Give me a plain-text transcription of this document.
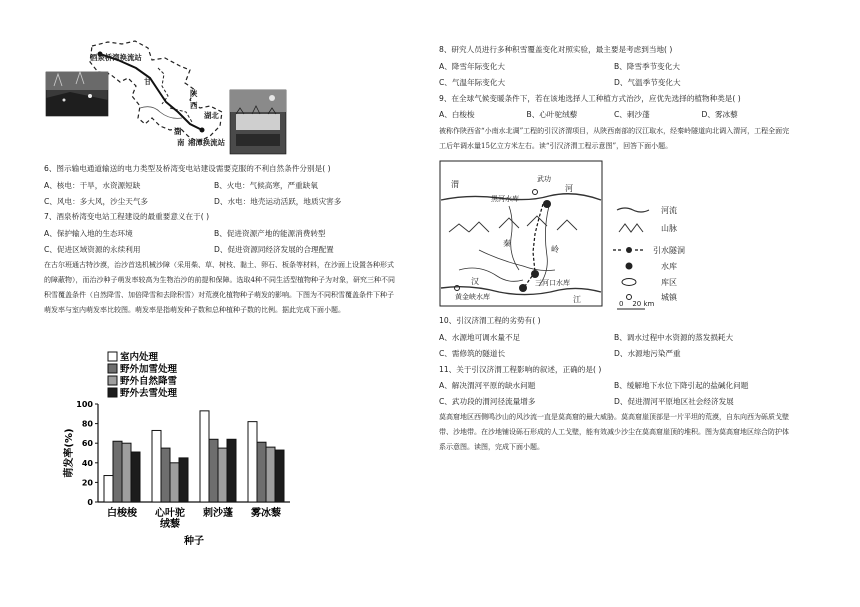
酒泉桥湾换流站
甘
陕
西
湖北
湖
南 湘潭换流站
6、图示输电通道输送的电力类型及桥湾变电站建设需要克服的不利自然条件分别是( )
A、核电：干旱，水资源短缺	B、火电：气候高寒，严重缺氧
C、风电：多大风，沙尘天气多	D、水电：地壳运动活跃，地质灾害多
7、酒泉桥湾变电站工程建设的最重要意义在于( )
A、保护输入地的生态环境	B、促进资源产地的能源消费转型
C、促进区域资源的永续利用	D、促进资源同经济发展的合理配置
在古尔班通古特沙漠，治沙首选机械沙障（采用柴、草、树枝、黏土、卵石、板条等材料，在沙面上设置各种形式的障蔽物），而治沙种子萌发率较高为生物治沙的前提和保障。选取4种不同生活型植物种子为对象，研究三种不同积雪覆盖条件（自然降雪、加倍降雪和去除积雪）对荒漠化植物种子萌发的影响。下图为不同积雪覆盖条件下种子萌发率与室内萌发率比较图。萌发率是指萌发种子数和总种植种子数的比例。据此完成下面小题。
0
20
40
60
80
100
萌发率(%)
白梭梭 心叶驼
绒藜
刺沙蓬 雾冰藜
种子
室内处理
野外加雪处理
野外自然降雪
野外去雪处理
8、研究人员进行多种积雪覆盖变化对照实验，最主要是考虑到当地( )
A、降雪年际变化大	B、降雪季节变化大
C、气温年际变化大	D、气温季节变化大
9、在全球气候变暖条件下，若在该地选择人工种植方式治沙，应优先选择的植物种类是( )
A、白梭梭	B、心叶驼绒藜	C、刺沙蓬	D、雾冰藜
被称作陕西省“小南水北调”工程的引汉济渭项目，从陕西南部的汉江取水，经秦岭隧道向北调入渭河，工程全面完工后年调水量15亿立方米左右。读“引汉济渭工程示意图”，回答下面小题。
渭
武功
河
黑河水库
秦
岭
三河口水库
黄金峡水库
汉
江
河流
山脉
引水隧洞
水库
库区
城镇
0    20 km
10、引汉济渭工程的劣势有( )
A、水源地可调水量不足	B、调水过程中水资源的蒸发损耗大
C、需修筑的隧道长	D、水源地污染严重
11、关于引汉济渭工程影响的叙述，正确的是( )
A、解决渭河平原的缺水问题	B、缓解地下水位下降引起的盐碱化问题
C、武功段的渭河径流量增多	D、促进渭河平原地区社会经济发展
莫高窟地区西侧鸣沙山的风沙流一直是莫高窟的最大威胁。莫高窟崖顶部是一片平坦的荒漠，自东向西为砾质戈壁带、沙地带。在沙地铺设砾石形成的人工戈壁，能有效减少沙尘在莫高窟崖顶的堆积。图为莫高窟地区综合防护体系示意图。读图，完成下面小题。
